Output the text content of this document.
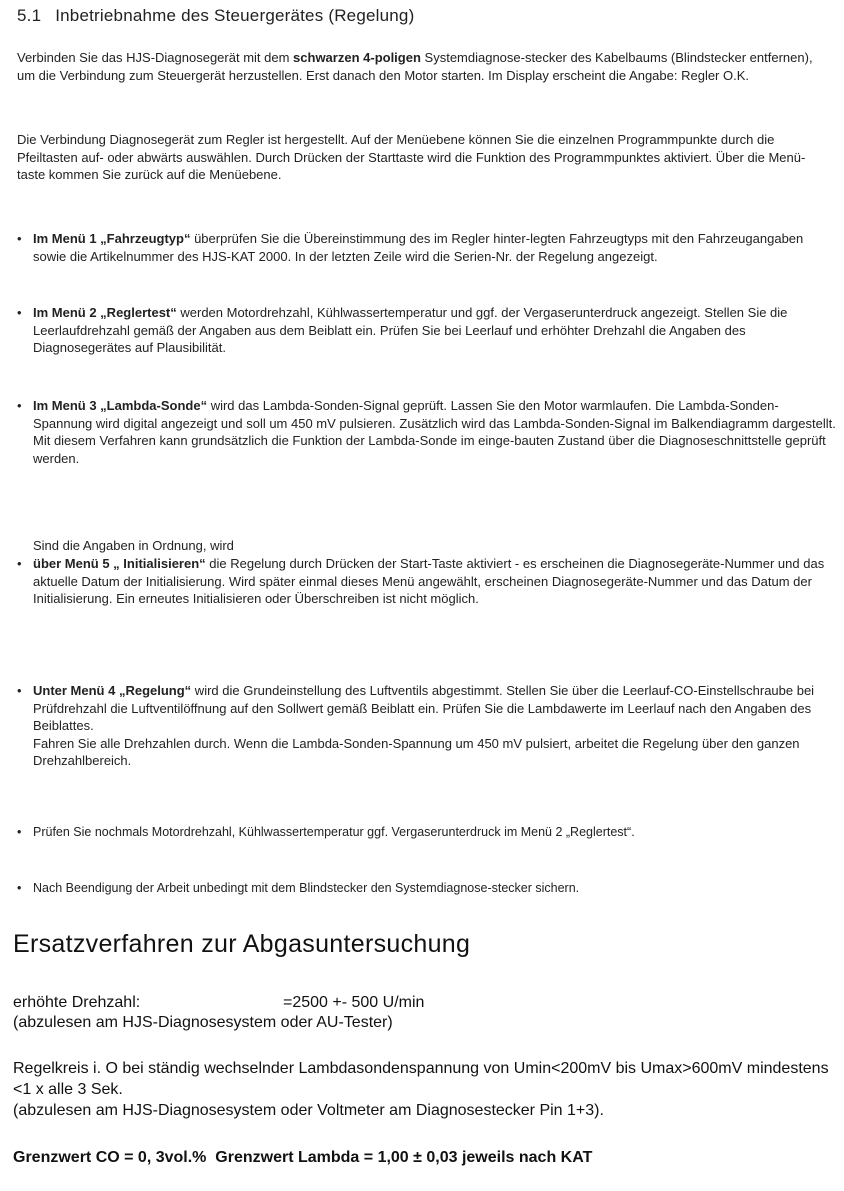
5.1 Inbetriebnahme des Steuergerätes (Regelung)
Verbinden Sie das HJS-Diagnosegerät mit dem schwarzen 4-poligen Systemdiagnose-stecker des Kabelbaums (Blindstecker entfernen), um die Verbindung zum Steuergerät herzustellen. Erst danach den Motor starten. Im Display erscheint die Angabe: Regler O.K.
Die Verbindung Diagnosegerät zum Regler ist hergestellt. Auf der Menüebene können Sie die einzelnen Programmpunkte durch die Pfeiltasten auf- oder abwärts auswählen. Durch Drücken der Starttaste wird die Funktion des Programmpunktes aktiviert. Über die Menü-taste kommen Sie zurück auf die Menüebene.
• Im Menü 1 „Fahrzeugtyp“ überprüfen Sie die Übereinstimmung des im Regler hinter-legten Fahrzeugtyps mit den Fahrzeugangaben sowie die Artikelnummer des HJS-KAT 2000. In der letzten Zeile wird die Serien-Nr. der Regelung angezeigt.
• Im Menü 2 „Reglertest“ werden Motordrehzahl, Kühlwassertemperatur und ggf. der Vergaserunterdruck angezeigt. Stellen Sie die Leerlaufdrehzahl gemäß der Angaben aus dem Beiblatt ein. Prüfen Sie bei Leerlauf und erhöhter Drehzahl die Angaben des Diagnosegerätes auf Plausibilität.
• Im Menü 3 „Lambda-Sonde“ wird das Lambda-Sonden-Signal geprüft. Lassen Sie den Motor warmlaufen. Die Lambda-Sonden-Spannung wird digital angezeigt und soll um 450 mV pulsieren. Zusätzlich wird das Lambda-Sonden-Signal im Balkendiagramm dargestellt.
Mit diesem Verfahren kann grundsätzlich die Funktion der Lambda-Sonde im einge-bauten Zustand über die Diagnoseschnittstelle geprüft werden.
Sind die Angaben in Ordnung, wird
• über Menü 5 „ Initialisieren“ die Regelung durch Drücken der Start-Taste aktiviert - es erscheinen die Diagnosegeräte-Nummer und das aktuelle Datum der Initialisierung. Wird später einmal dieses Menü angewählt, erscheinen Diagnosegeräte-Nummer und das Datum der Initialisierung. Ein erneutes Initialisieren oder Überschreiben ist nicht möglich.
• Unter Menü 4 „Regelung“ wird die Grundeinstellung des Luftventils abgestimmt. Stellen Sie über die Leerlauf-CO-Einstellschraube bei Prüfdrehzahl die Luftventilöffnung auf den Sollwert gemäß Beiblatt ein. Prüfen Sie die Lambdawerte im Leerlauf nach den Angaben des Beiblattes.
Fahren Sie alle Drehzahlen durch. Wenn die Lambda-Sonden-Spannung um 450 mV pulsiert, arbeitet die Regelung über den ganzen Drehzahlbereich.
• Prüfen Sie nochmals Motordrehzahl, Kühlwassertemperatur ggf. Vergaserunterdruck im Menü 2 „Reglertest“.
• Nach Beendigung der Arbeit unbedingt mit dem Blindstecker den Systemdiagnose-stecker sichern.
Ersatzverfahren zur Abgasuntersuchung
erhöhte Drehzahl:	=2500 +- 500 U/min
(abzulesen am HJS-Diagnosesystem oder AU-Tester)
Regelkreis i. O bei ständig wechselnder Lambdasondenspannung von Umin<200mV bis Umax>600mV mindestens <1 x alle 3 Sek.
(abzulesen am HJS-Diagnosesystem oder Voltmeter am Diagnosestecker Pin 1+3).
Grenzwert CO = 0, 3vol.% Grenzwert Lambda = 1,00 ± 0,03 jeweils nach KAT
